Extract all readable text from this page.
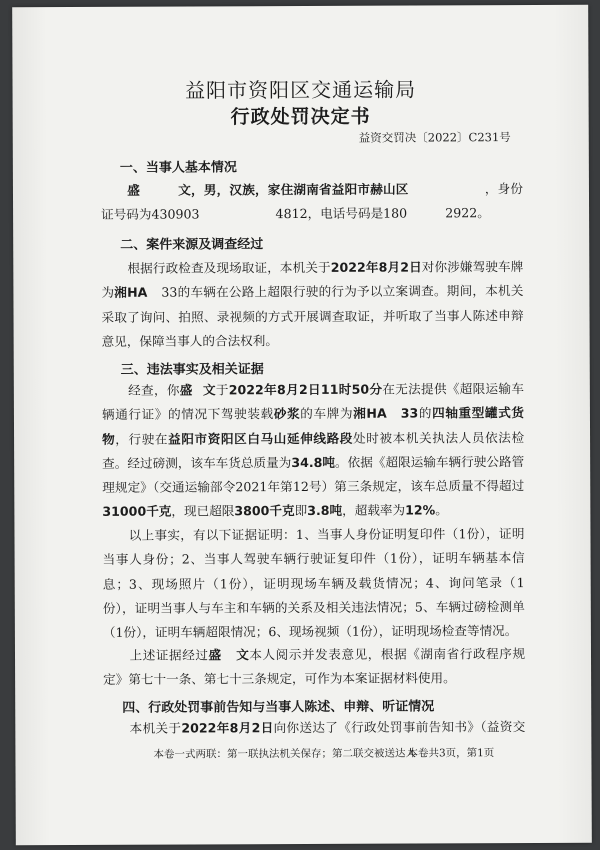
益阳市资阳区交通运输局
行政处罚决定书
益资交罚决〔2022〕C231号
一、当事人基本情况
盛	文，男，汉族，家住湖南省益阳市赫山区	，身份证号码为430903	4812，电话号码是180	2922。
二、案件来源及调查经过
根据行政检查及现场取证，本机关于2022年8月2日对你涉嫌驾驶车牌为湘HA 33的车辆在公路上超限行驶的行为予以立案调查。期间，本机关采取了询问、拍照、录视频的方式开展调查取证，并听取了当事人陈述申辩意见，保障当事人的合法权利。
三、违法事实及相关证据
经查，你盛 文于2022年8月2日11时50分在无法提供《超限运输车辆通行证》的情况下驾驶装载砂浆的车牌为湘HA 33的四轴重型罐式货物，行驶在益阳市资阳区白马山延伸线路段处时被本机关执法人员依法检查。经过磅测，该车车货总质量为34.8吨。依据《超限运输车辆行驶公路管理规定》（交通运输部令2021年第12号）第三条规定，该车总质量不得超过31000千克，现已超限3800千克即3.8吨，超载率为12%。
以上事实，有以下证据证明：1、当事人身份证明复印件（1份），证明当事人身份；2、当事人驾驶车辆行驶证复印件（1份），证明车辆基本信息；3、现场照片（1份），证明现场车辆及载货情况；4、询问笔录（1份），证明当事人与车主和车辆的关系及相关违法情况；5、车辆过磅检测单（1份），证明车辆超限情况；6、现场视频（1份），证明现场检查等情况。
上述证据经过盛 文本人阅示并发表意见，根据《湖南省行政程序规定》第七十一条、第七十三条规定，可作为本案证据材料使用。
四、行政处罚事前告知与当事人陈述、申辩、听证情况
本机关于2022年8月2日向你送达了《行政处罚事前告知书》（益资交罚告知〔2022〕C231号），告知你本机关拟作出行政处罚的事实、理由、依据及
本卷一式两联：第一联执法机关保存；第二联交被送达人
本卷共3页，第1页
